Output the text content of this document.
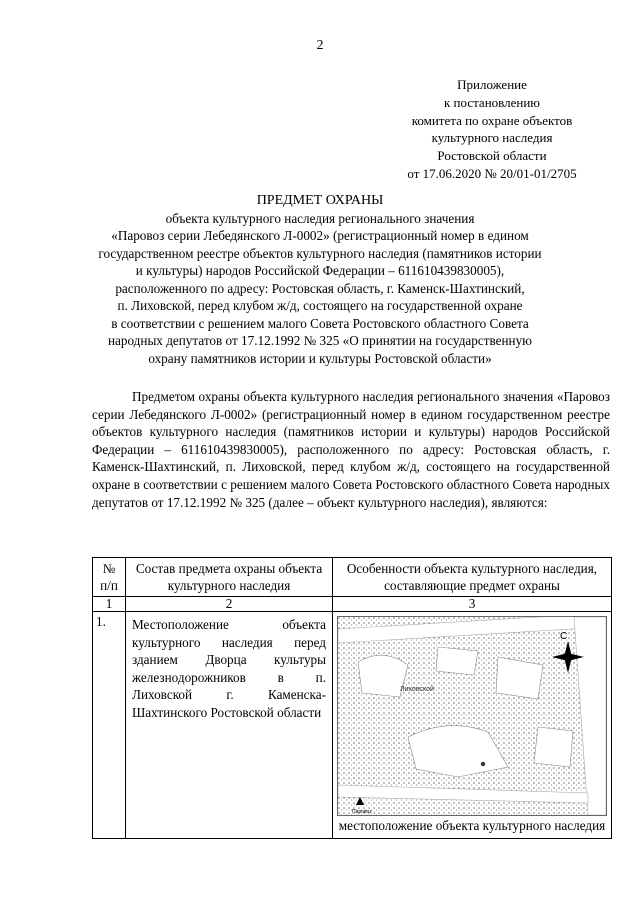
2
Приложение
к постановлению
комитета по охране объектов
культурного наследия
Ростовской области
от 17.06.2020 № 20/01-01/2705
ПРЕДМЕТ ОХРАНЫ
объекта культурного наследия регионального значения
«Паровоз серии Лебедянского Л-0002» (регистрационный номер в едином
государственном реестре объектов культурного наследия (памятников истории
и культуры) народов Российской Федерации – 611610439830005),
расположенного по адресу: Ростовская область, г. Каменск-Шахтинский,
п. Лиховской, перед клубом ж/д, состоящего на государственной охране
в соответствии с решением малого Совета Ростовского областного Совета
народных депутатов от 17.12.1992 № 325 «О принятии на государственную
охрану памятников истории и культуры Ростовской области»
Предметом охраны объекта культурного наследия регионального значения «Паровоз серии Лебедянского Л-0002» (регистрационный номер в едином государственном реестре объектов культурного наследия (памятников истории и культуры) народов Российской Федерации – 611610439830005), расположенного по адресу: Ростовская область, г. Каменск-Шахтинский, п. Лиховской, перед клубом ж/д, состоящего на государственной охране в соответствии с решением малого Совета Ростовского областного Совета народных депутатов от 17.12.1992 № 325 (далее – объект культурного наследия), являются:
№ п/п	Состав предмета охраны объекта культурного наследия	Особенности объекта культурного наследия, составляющие предмет охраны
1	2	3
1.	Местоположение объекта культурного наследия перед зданием Дворца культуры железнодорожников в п. Лиховской г. Каменска-Шахтинского Ростовской области	С
Лиховской
Паровоз
местоположение объекта культурного наследия
